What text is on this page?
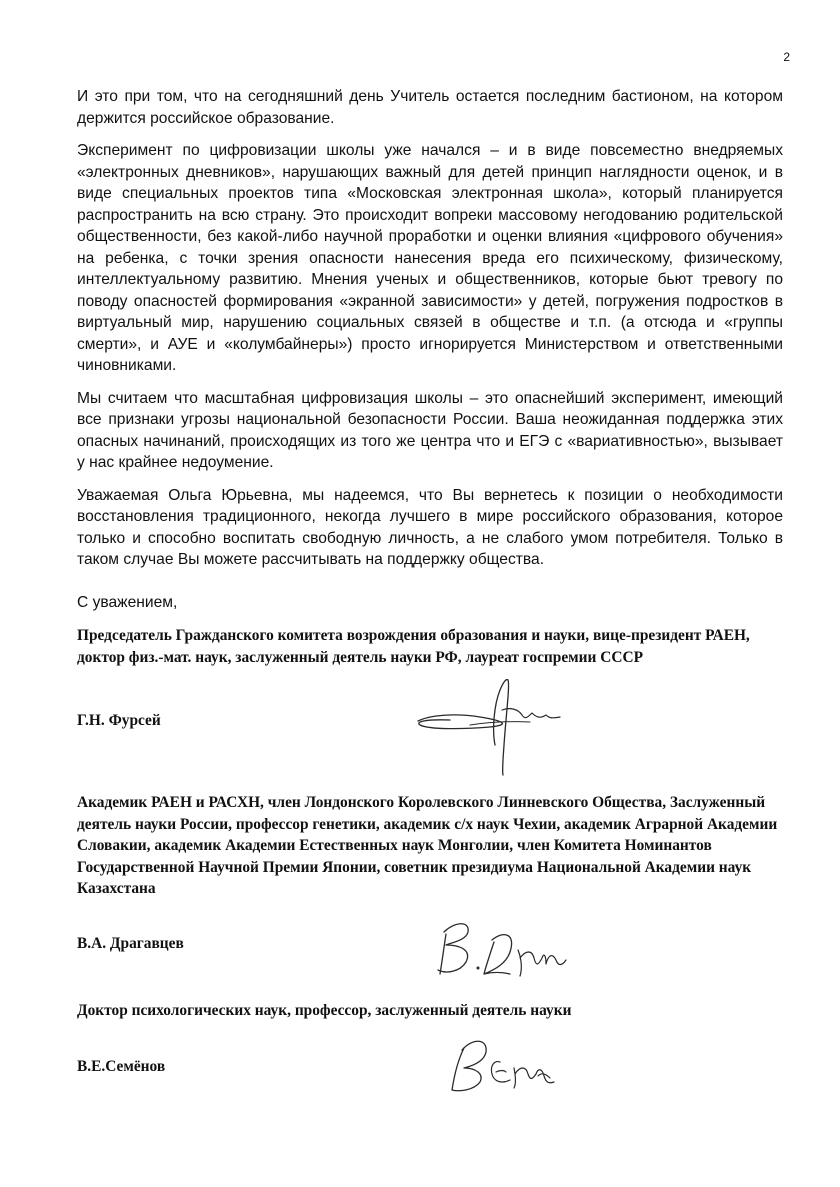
2

И это при том, что на сегодняшний день Учитель остается последним бастионом, на котором держится российское образование.

Эксперимент по цифровизации школы уже начался – и в виде повсеместно внедряемых «электронных дневников», нарушающих важный для детей принцип наглядности оценок, и в виде специальных проектов типа «Московская электронная школа», который планируется распространить на всю страну. Это происходит вопреки массовому негодованию родительской общественности, без какой-либо научной проработки и оценки влияния «цифрового обучения» на ребенка, с точки зрения опасности нанесения вреда его психическому, физическому, интеллектуальному развитию. Мнения ученых и общественников, которые бьют тревогу по поводу опасностей формирования «экранной зависимости» у детей, погружения подростков в виртуальный мир, нарушению социальных связей в обществе и т.п. (а отсюда и «группы смерти», и АУЕ и «колумбайнеры») просто игнорируется Министерством и ответственными чиновниками.

Мы считаем что масштабная цифровизация школы – это опаснейший эксперимент, имеющий все признаки угрозы национальной безопасности России. Ваша неожиданная поддержка этих опасных начинаний, происходящих из того же центра что и ЕГЭ с «вариативностью», вызывает у нас крайнее недоумение.

Уважаемая Ольга Юрьевна, мы надеемся, что Вы вернетесь к позиции о необходимости восстановления традиционного, некогда лучшего в мире российского образования, которое только и способно воспитать свободную личность, а не слабого умом потребителя. Только в таком случае Вы можете рассчитывать на поддержку общества.

С уважением,
Председатель Гражданского комитета возрождения образования и науки, вице-президент РАЕН, доктор физ.-мат. наук, заслуженный деятель науки РФ, лауреат госпремии СССР
Г.Н. Фурсей
Академик РАЕН и РАСХН, член Лондонского Королевского Линневского Общества, Заслуженный деятель науки России, профессор генетики, академик с/х наук Чехии, академик Аграрной Академии Словакии, академик Академии Естественных наук Монголии, член Комитета Номинантов Государственной Научной Премии Японии, советник президиума Национальной Академии наук Казахстана
В.А. Драгавцев
Доктор психологических наук, профессор, заслуженный деятель науки
В.Е.Семёнов
